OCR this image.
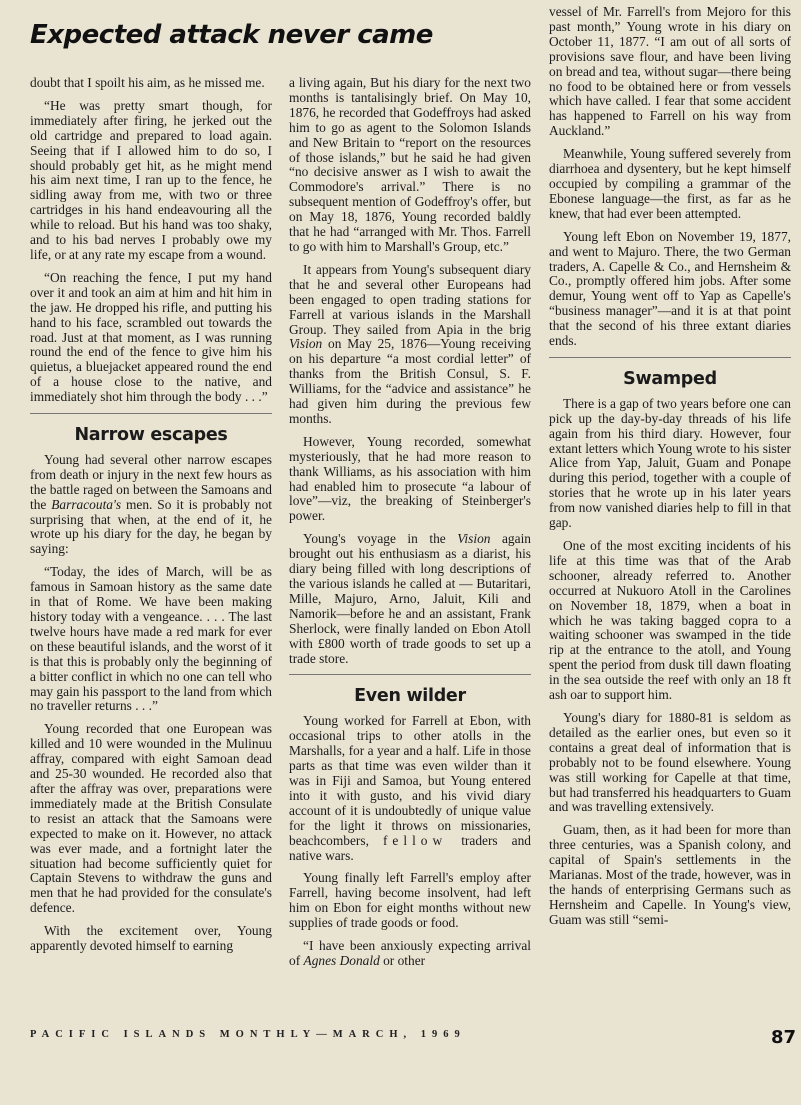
Expected attack never came

doubt that I spoilt his aim, as he missed me.

“He was pretty smart though, for immediately after firing, he jerked out the old cartridge and prepared to load again. Seeing that if I allowed him to do so, I should probably get hit, as he might mend his aim next time, I ran up to the fence, he sidling away from me, with two or three cartridges in his hand endeavouring all the while to reload. But his hand was too shaky, and to his bad nerves I probably owe my life, or at any rate my escape from a wound.

“On reaching the fence, I put my hand over it and took an aim at him and hit him in the jaw. He dropped his rifle, and putting his hand to his face, scrambled out towards the road. Just at that moment, as I was running round the end of the fence to give him his quietus, a bluejacket appeared round the end of a house close to the native, and immediately shot him through the body . . .”

Narrow escapes

Young had several other narrow escapes from death or injury in the next few hours as the battle raged on between the Samoans and the Barracouta's men. So it is probably not surprising that when, at the end of it, he wrote up his diary for the day, he began by saying:

“Today, the ides of March, will be as famous in Samoan history as the same date in that of Rome. We have been making history today with a vengeance. . . . The last twelve hours have made a red mark for ever on these beautiful islands, and the worst of it is that this is probably only the beginning of a bitter conflict in which no one can tell who may gain his passport to the land from which no traveller returns . . .”

Young recorded that one European was killed and 10 were wounded in the Mulinuu affray, compared with eight Samoan dead and 25-30 wounded. He recorded also that after the affray was over, preparations were immediately made at the British Consulate to resist an attack that the Samoans were expected to make on it. However, no attack was ever made, and a fortnight later the situation had become sufficiently quiet for Captain Stevens to withdraw the guns and men that he had provided for the consulate's defence.

With the excitement over, Young apparently devoted himself to earning

a living again, But his diary for the next two months is tantalisingly brief. On May 10, 1876, he recorded that Godeffroys had asked him to go as agent to the Solomon Islands and New Britain to “report on the resources of those islands,” but he said he had given “no decisive answer as I wish to await the Commodore's arrival.” There is no subsequent mention of Godeffroy's offer, but on May 18, 1876, Young recorded baldly that he had “arranged with Mr. Thos. Farrell to go with him to Marshall's Group, etc.”

It appears from Young's subsequent diary that he and several other Europeans had been engaged to open trading stations for Farrell at various islands in the Marshall Group. They sailed from Apia in the brig Vision on May 25, 1876—Young receiving on his departure “a most cordial letter” of thanks from the British Consul, S. F. Williams, for the “advice and assistance” he had given him during the previous few months.

However, Young recorded, somewhat mysteriously, that he had more reason to thank Williams, as his association with him had enabled him to prosecute “a labour of love”—viz, the breaking of Steinberger's power.

Young's voyage in the Vision again brought out his enthusiasm as a diarist, his diary being filled with long descriptions of the various islands he called at — Butaritari, Mille, Majuro, Arno, Jaluit, Kili and Namorik—before he and an assistant, Frank Sherlock, were finally landed on Ebon Atoll with £800 worth of trade goods to set up a trade store.

Even wilder

Young worked for Farrell at Ebon, with occasional trips to other atolls in the Marshalls, for a year and a half. Life in those parts as that time was even wilder than it was in Fiji and Samoa, but Young entered into it with gusto, and his vivid diary account of it is undoubtedly of unique value for the light it throws on missionaries, beachcombers, fellow traders and native wars.

Young finally left Farrell's employ after Farrell, having become insolvent, had left him on Ebon for eight months without new supplies of trade goods or food.

“I have been anxiously expecting arrival of Agnes Donald or other

vessel of Mr. Farrell's from Mejoro for this past month,” Young wrote in his diary on October 11, 1877. “I am out of all sorts of provisions save flour, and have been living on bread and tea, without sugar—there being no food to be obtained here or from vessels which have called. I fear that some accident has happened to Farrell on his way from Auckland.”

Meanwhile, Young suffered severely from diarrhoea and dysentery, but he kept himself occupied by compiling a grammar of the Ebonese language—the first, as far as he knew, that had ever been attempted.

Young left Ebon on November 19, 1877, and went to Majuro. There, the two German traders, A. Capelle & Co., and Hernsheim & Co., promptly offered him jobs. After some demur, Young went off to Yap as Capelle's “business manager”—and it is at that point that the second of his three extant diaries ends.

Swamped

There is a gap of two years before one can pick up the day-by-day threads of his life again from his third diary. However, four extant letters which Young wrote to his sister Alice from Yap, Jaluit, Guam and Ponape during this period, together with a couple of stories that he wrote up in his later years from now vanished diaries help to fill in that gap.

One of the most exciting incidents of his life at this time was that of the Arab schooner, already referred to. Another occurred at Nukuoro Atoll in the Carolines on November 18, 1879, when a boat in which he was taking bagged copra to a waiting schooner was swamped in the tide rip at the entrance to the atoll, and Young spent the period from dusk till dawn floating in the sea outside the reef with only an 18 ft ash oar to support him.

Young's diary for 1880-81 is seldom as detailed as the earlier ones, but even so it contains a great deal of information that is probably not to be found elsewhere. Young was still working for Capelle at that time, but had transferred his headquarters to Guam and was travelling extensively.

Guam, then, as it had been for more than three centuries, was a Spanish colony, and capital of Spain's settlements in the Marianas. Most of the trade, however, was in the hands of enterprising Germans such as Hernsheim and Capelle. In Young's view, Guam was still “semi-

PACIFIC ISLANDS MONTHLY—MARCH, 1969	87
